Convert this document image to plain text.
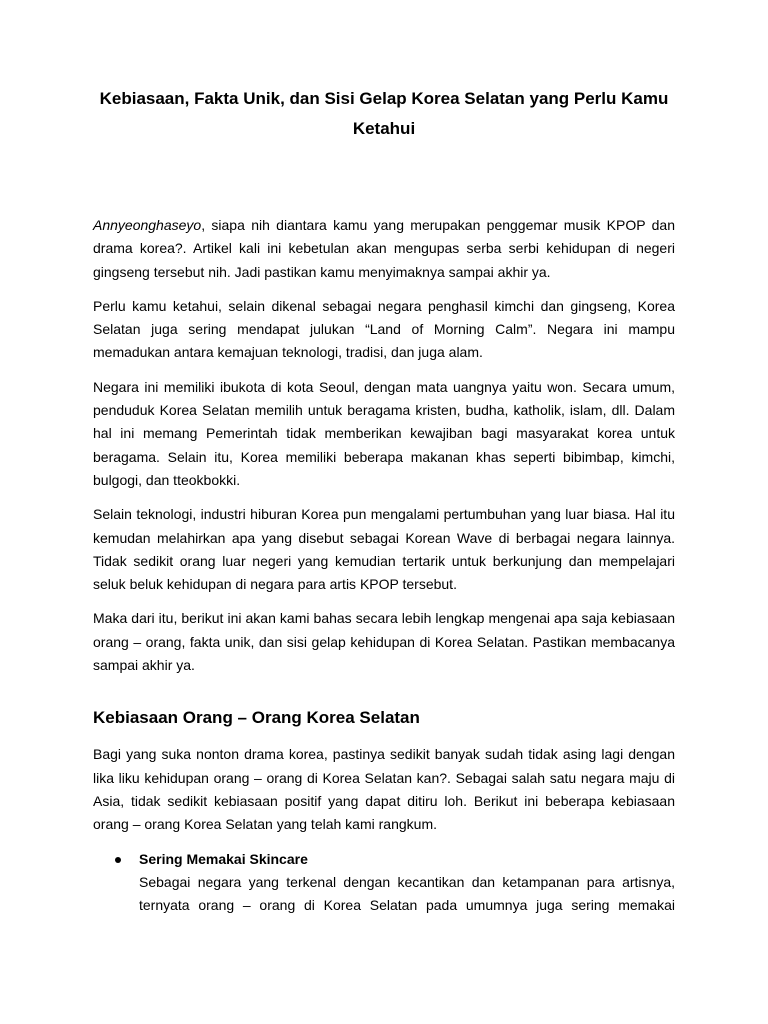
Kebiasaan, Fakta Unik, dan Sisi Gelap Korea Selatan yang Perlu Kamu Ketahui

Annyeonghaseyo, siapa nih diantara kamu yang merupakan penggemar musik KPOP dan drama korea?. Artikel kali ini kebetulan akan mengupas serba serbi kehidupan di negeri gingseng tersebut nih. Jadi pastikan kamu menyimaknya sampai akhir ya.

Perlu kamu ketahui, selain dikenal sebagai negara penghasil kimchi dan gingseng, Korea Selatan juga sering mendapat julukan “Land of Morning Calm”. Negara ini mampu memadukan antara kemajuan teknologi, tradisi, dan juga alam.

Negara ini memiliki ibukota di kota Seoul, dengan mata uangnya yaitu won. Secara umum, penduduk Korea Selatan memilih untuk beragama kristen, budha, katholik, islam, dll. Dalam hal ini memang Pemerintah tidak memberikan kewajiban bagi masyarakat korea untuk beragama. Selain itu, Korea memiliki beberapa makanan khas seperti bibimbap, kimchi, bulgogi, dan tteokbokki.

Selain teknologi, industri hiburan Korea pun mengalami pertumbuhan yang luar biasa. Hal itu kemudan melahirkan apa yang disebut sebagai Korean Wave di berbagai negara lainnya. Tidak sedikit orang luar negeri yang kemudian tertarik untuk berkunjung dan mempelajari seluk beluk kehidupan di negara para artis KPOP tersebut.

Maka dari itu, berikut ini akan kami bahas secara lebih lengkap mengenai apa saja kebiasaan orang – orang, fakta unik, dan sisi gelap kehidupan di Korea Selatan. Pastikan membacanya sampai akhir ya.

Kebiasaan Orang – Orang Korea Selatan

Bagi yang suka nonton drama korea, pastinya sedikit banyak sudah tidak asing lagi dengan lika liku kehidupan orang – orang di Korea Selatan kan?. Sebagai salah satu negara maju di Asia, tidak sedikit kebiasaan positif yang dapat ditiru loh. Berikut ini beberapa kebiasaan orang – orang Korea Selatan yang telah kami rangkum.

Sering Memakai Skincare
Sebagai negara yang terkenal dengan kecantikan dan ketampanan para artisnya, ternyata orang – orang di Korea Selatan pada umumnya juga sering memakai
